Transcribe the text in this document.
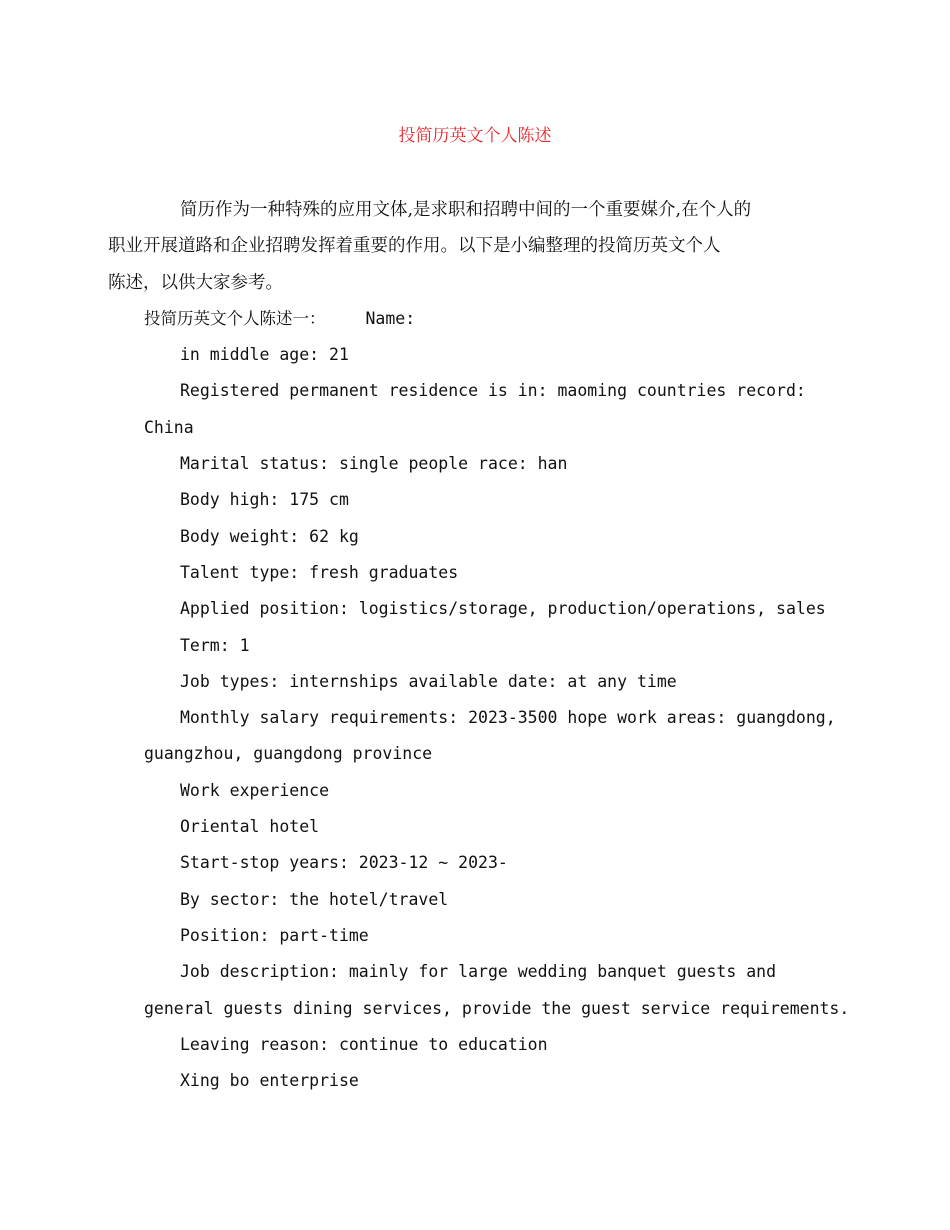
投简历英文个人陈述

简历作为一种特殊的应用文体,是求职和招聘中间的一个重要媒介,在个人的
职业开展道路和企业招聘发挥着重要的作用。以下是小编整理的投简历英文个人
陈述，以供大家参考。

投简历英文个人陈述一： Name:

in middle age: 21

Registered permanent residence is in: maoming countries record:

China

Marital status: single people race: han

Body high: 175 cm

Body weight: 62 kg

Talent type: fresh graduates

Applied position: logistics/storage, production/operations, sales

Term: 1

Job types: internships available date: at any time

Monthly salary requirements: 2023-3500 hope work areas: guangdong,

guangzhou, guangdong province

Work experience

Oriental hotel

Start-stop years: 2023-12 ~ 2023-

By sector: the hotel/travel

Position: part-time

Job description: mainly for large wedding banquet guests and

general guests dining services, provide the guest service requirements.

Leaving reason: continue to education

Xing bo enterprise
